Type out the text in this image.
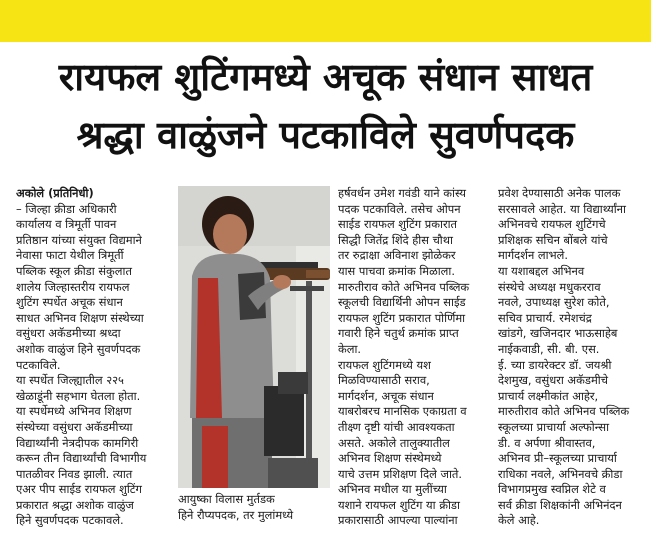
रायफल शुटिंगमध्ये अचूक संधान साधत
श्रद्धा वाळुंजने पटकाविले सुवर्णपदक
अकोले (प्रतिनिधी)
– जिल्हा क्रीडा अधिकारी
कार्यालय व त्रिमूर्ती पावन
प्रतिष्ठान यांच्या संयुक्त विद्यमाने
नेवासा फाटा येथील त्रिमूर्ती
पब्लिक स्कूल क्रीडा संकुलात
शालेय जिल्हास्तरीय रायफल
शुटिंग स्पर्धेत अचूक संधान
साधत अभिनव शिक्षण संस्थेच्या
वसुंधरा अकॅडमीच्या श्रध्दा
अशोक वाळुंज हिने सुवर्णपदक
पटकाविले.
या स्पर्धेत जिल्ह्यातील २२५
खेळाडूंनी सहभाग घेतला होता.
या स्पर्धेमध्ये अभिनव शिक्षण
संस्थेच्या वसुंधरा अकॅडमीच्या
विद्यार्थ्यांनी नेत्रदीपक कामगिरी
करून तीन विद्यार्थ्यांची विभागीय
पातळीवर निवड झाली. त्यात
एअर पीप साईड रायफल शुटिंग
प्रकारात श्रद्धा अशोक वाळुंज
हिने सुवर्णपदक पटकावले.
आयुष्का विलास मुर्तडक
हिने रौप्यपदक, तर मुलांमध्ये
हर्षवर्धन उमेश गवंडी याने कांस्य
पदक पटकाविले. तसेच ओपन
साईड रायफल शुटिंग प्रकारात
सिद्धी जितेंद्र शिंदे हीस चौथा
तर रुद्राक्षा अविनाश झोळेकर
यास पाचवा क्रमांक मिळाला.
मारुतीराव कोते अभिनव पब्लिक
स्कूलची विद्यार्थिनी ओपन साईड
रायफल शुटिंग प्रकारात पोर्णिमा
गवारी हिने चतुर्थ क्रमांक प्राप्त
केला.
रायफल शुटिंगमध्ये यश
मिळविण्यासाठी सराव,
मार्गदर्शन, अचूक संधान
याबरोबरच मानसिक एकाग्रता व
तीक्ष्ण दृष्टी यांची आवश्यकता
असते. अकोले तालुक्यातील
अभिनव शिक्षण संस्थेमध्ये
याचे उत्तम प्रशिक्षण दिले जाते.
अभिनव मधील या मुलींच्या
यशाने रायफल शुटिंग या क्रीडा
प्रकारासाठी आपल्या पाल्यांना
प्रवेश देण्यासाठी अनेक पालक
सरसावले आहेत. या विद्यार्थ्यांना
अभिनवचे रायफल शुटिंगचे
प्रशिक्षक सचिन बोंबले यांचे
मार्गदर्शन लाभले.
या यशाबद्दल अभिनव
संस्थेचे अध्यक्ष मधुकरराव
नवले, उपाध्यक्ष सुरेश कोते,
सचिव प्राचार्य. रमेशचंद्र
खांडगे, खजिनदार भाऊसाहेब
नाईकवाडी, सी. बी. एस.
ई. च्या डायरेक्टर डॉ. जयश्री
देशमुख, वसुंधरा अकॅडमीचे
प्राचार्य लक्ष्मीकांत आहेर,
मारुतीराव कोते अभिनव पब्लिक
स्कूलच्या प्राचार्या अल्फोन्सा
डी. व अर्पणा श्रीवास्तव,
अभिनव प्री–स्कूलच्या प्राचार्या
राधिका नवले, अभिनवचे क्रीडा
विभागप्रमुख स्वप्निल शेटे व
सर्व क्रीडा शिक्षकांनी अभिनंदन
केले आहे.
